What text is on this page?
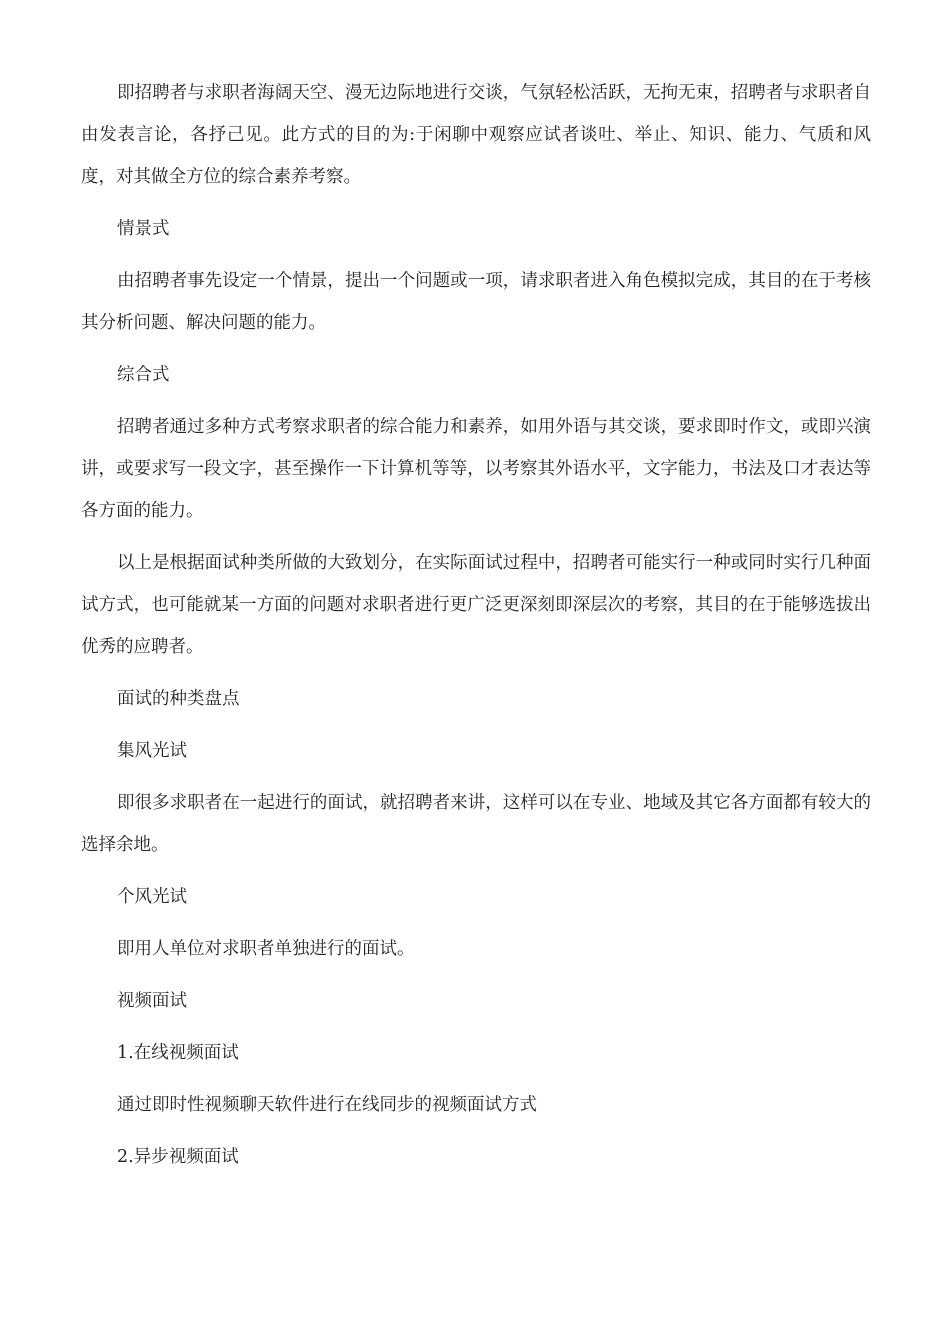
即招聘者与求职者海阔天空、漫无边际地进行交谈，气氛轻松活跃，无拘无束，招聘者与求职者自由发表言论，各抒己见。此方式的目的为:于闲聊中观察应试者谈吐、举止、知识、能力、气质和风度，对其做全方位的综合素养考察。

情景式

由招聘者事先设定一个情景，提出一个问题或一项，请求职者进入角色模拟完成，其目的在于考核其分析问题、解决问题的能力。

综合式

招聘者通过多种方式考察求职者的综合能力和素养，如用外语与其交谈，要求即时作文，或即兴演讲，或要求写一段文字，甚至操作一下计算机等等，以考察其外语水平，文字能力，书法及口才表达等各方面的能力。

以上是根据面试种类所做的大致划分，在实际面试过程中，招聘者可能实行一种或同时实行几种面试方式，也可能就某一方面的问题对求职者进行更广泛更深刻即深层次的考察，其目的在于能够选拔出优秀的应聘者。

面试的种类盘点

集风光试

即很多求职者在一起进行的面试，就招聘者来讲，这样可以在专业、地域及其它各方面都有较大的选择余地。

个风光试

即用人单位对求职者单独进行的面试。

视频面试

1.在线视频面试

通过即时性视频聊天软件进行在线同步的视频面试方式

2.异步视频面试
